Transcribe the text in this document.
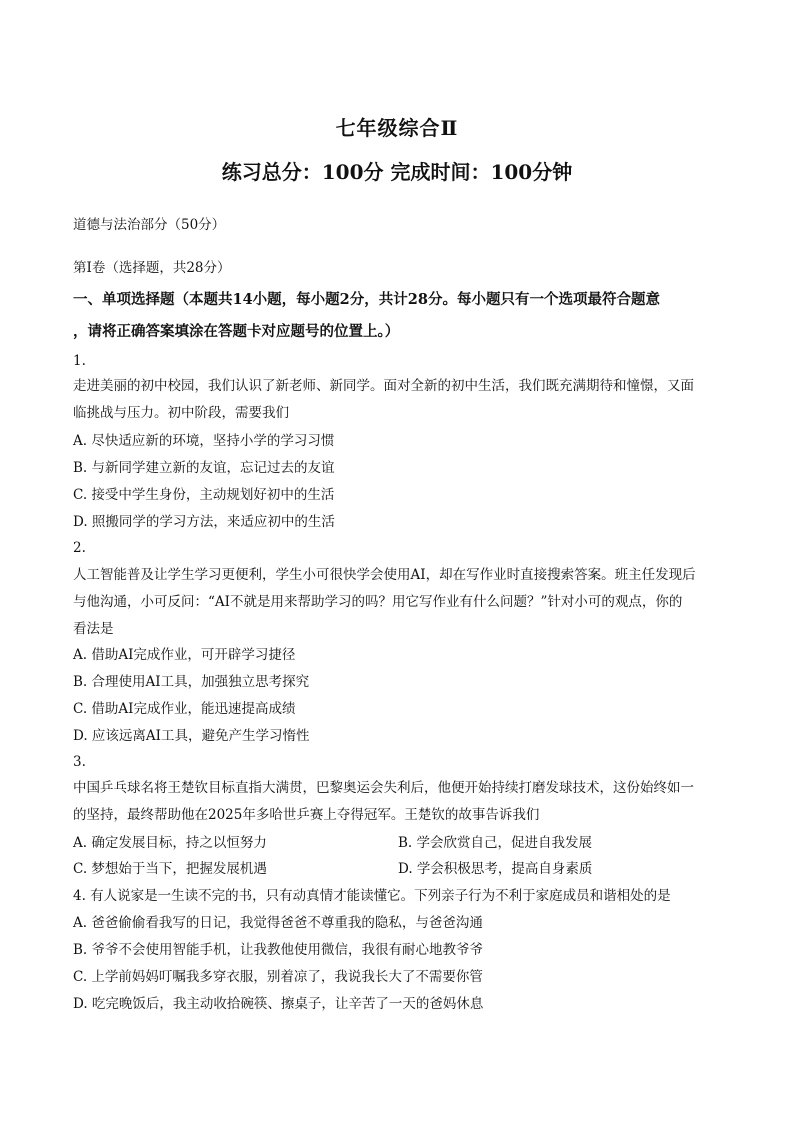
七年级综合Ⅱ
练习总分：100分 完成时间：100分钟
道德与法治部分（50分）
第Ⅰ卷（选择题，共28分）
一、单项选择题（本题共14小题，每小题2分，共计28分。每小题只有一个选项最符合题意
，请将正确答案填涂在答题卡对应题号的位置上。）
1.
走进美丽的初中校园，我们认识了新老师、新同学。面对全新的初中生活，我们既充满期待和憧憬，又面
临挑战与压力。初中阶段，需要我们
A. 尽快适应新的环境，坚持小学的学习习惯
B. 与新同学建立新的友谊，忘记过去的友谊
C. 接受中学生身份，主动规划好初中的生活
D. 照搬同学的学习方法，来适应初中的生活
2.
人工智能普及让学生学习更便利，学生小可很快学会使用AI，却在写作业时直接搜索答案。班主任发现后
与他沟通，小可反问：“AI不就是用来帮助学习的吗？用它写作业有什么问题？”针对小可的观点，你的
看法是
A. 借助AI完成作业，可开辟学习捷径
B. 合理使用AI工具，加强独立思考探究
C. 借助AI完成作业，能迅速提高成绩
D. 应该远离AI工具，避免产生学习惰性
3.
中国乒乓球名将王楚钦目标直指大满贯，巴黎奥运会失利后，他便开始持续打磨发球技术，这份始终如一
的坚持，最终帮助他在2025年多哈世乒赛上夺得冠军。王楚钦的故事告诉我们
A. 确定发展目标，持之以恒努力	B. 学会欣赏自己，促进自我发展
C. 梦想始于当下，把握发展机遇	D. 学会积极思考，提高自身素质
4. 有人说家是一生读不完的书，只有动真情才能读懂它。下列亲子行为不利于家庭成员和谐相处的是
A. 爸爸偷偷看我写的日记，我觉得爸爸不尊重我的隐私，与爸爸沟通
B. 爷爷不会使用智能手机，让我教他使用微信，我很有耐心地教爷爷
C. 上学前妈妈叮嘱我多穿衣服，别着凉了，我说我长大了不需要你管
D. 吃完晚饭后，我主动收拾碗筷、擦桌子，让辛苦了一天的爸妈休息
